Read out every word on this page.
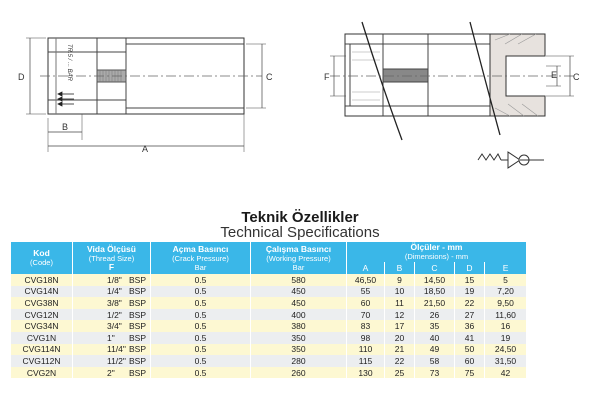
D
B
A
C
TR.5 / ... BAR	F	E C
Teknik Özellikler
Technical Specifications
Kod
(Code)	Vida Ölçüsü
(Thread Size)
F	Açma Basıncı
(Crack Pressure)
Bar	Çalışma Basıncı
(Working Pressure)
Bar	Ölçüler - mm
(Dimensions) - mm				

				A	B	C	D	E
CVG18N	1/8" BSP	0.5	580	46,50	9	14,50	15	5
CVG14N	1/4" BSP	0.5	450	55	10	18,50	19	7,20
CVG38N	3/8" BSP	0.5	450	60	11	21,50	22	9,50
CVG12N	1/2" BSP	0.5	400	70	12	26	27	11,60
CVG34N	3/4" BSP	0.5	380	83	17	35	36	16
CVG1N	1" BSP	0.5	350	98	20	40	41	19
CVG114N	11/4" BSP	0.5	350	110	21	49	50	24,50
CVG112N	11/2" BSP	0.5	280	115	22	58	60	31,50
CVG2N	2" BSP	0.5	260	130	25	73	75	42
